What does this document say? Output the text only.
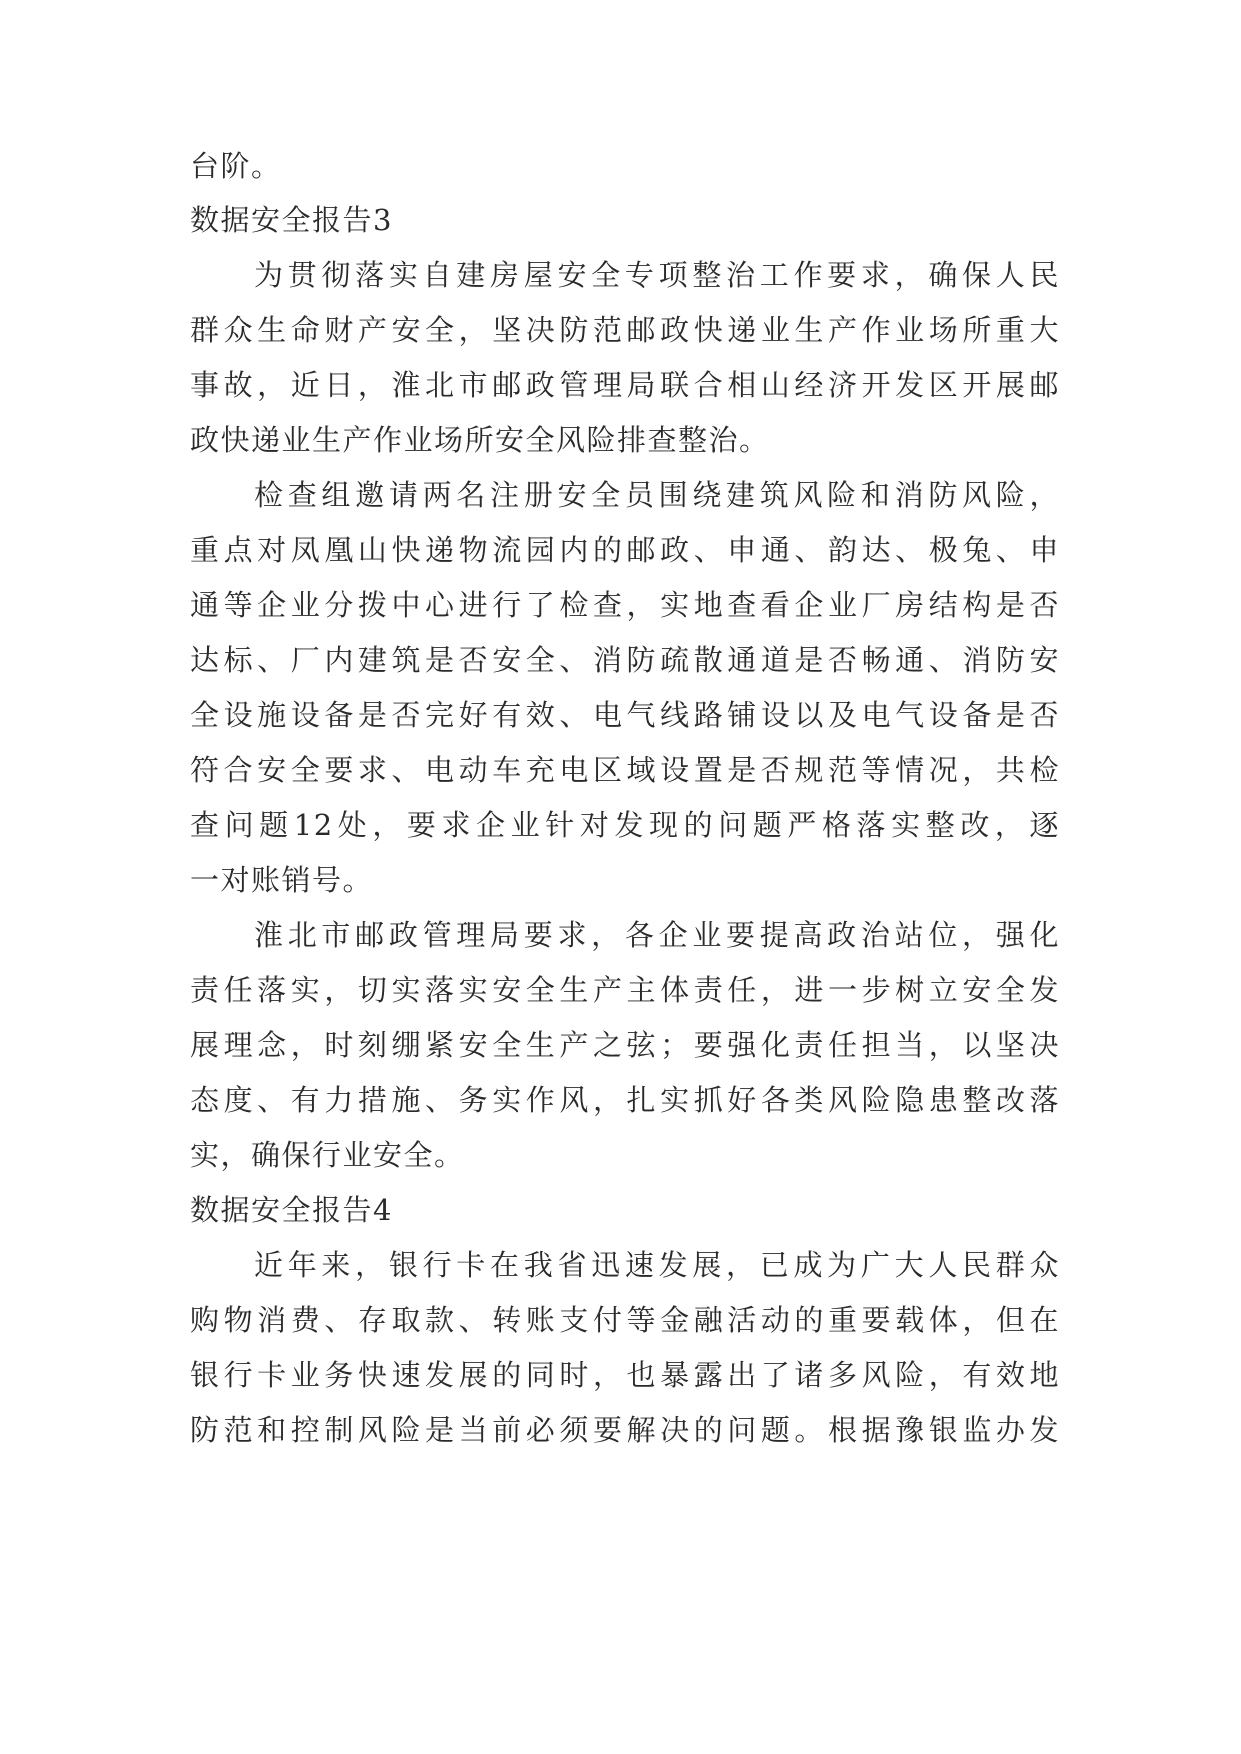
台阶。
数据安全报告3
为贯彻落实自建房屋安全专项整治工作要求，确保人民
群众生命财产安全，坚决防范邮政快递业生产作业场所重大
事故，近日，淮北市邮政管理局联合相山经济开发区开展邮
政快递业生产作业场所安全风险排查整治。
检查组邀请两名注册安全员围绕建筑风险和消防风险，
重点对凤凰山快递物流园内的邮政、申通、韵达、极兔、申
通等企业分拨中心进行了检查，实地查看企业厂房结构是否
达标、厂内建筑是否安全、消防疏散通道是否畅通、消防安
全设施设备是否完好有效、电气线路铺设以及电气设备是否
符合安全要求、电动车充电区域设置是否规范等情况，共检
查问题12处，要求企业针对发现的问题严格落实整改，逐
一对账销号。
淮北市邮政管理局要求，各企业要提高政治站位，强化
责任落实，切实落实安全生产主体责任，进一步树立安全发
展理念，时刻绷紧安全生产之弦；要强化责任担当，以坚决
态度、有力措施、务实作风，扎实抓好各类风险隐患整改落
实，确保行业安全。
数据安全报告4
近年来，银行卡在我省迅速发展，已成为广大人民群众
购物消费、存取款、转账支付等金融活动的重要载体，但在
银行卡业务快速发展的同时，也暴露出了诸多风险，有效地
防范和控制风险是当前必须要解决的问题。根据豫银监办发
